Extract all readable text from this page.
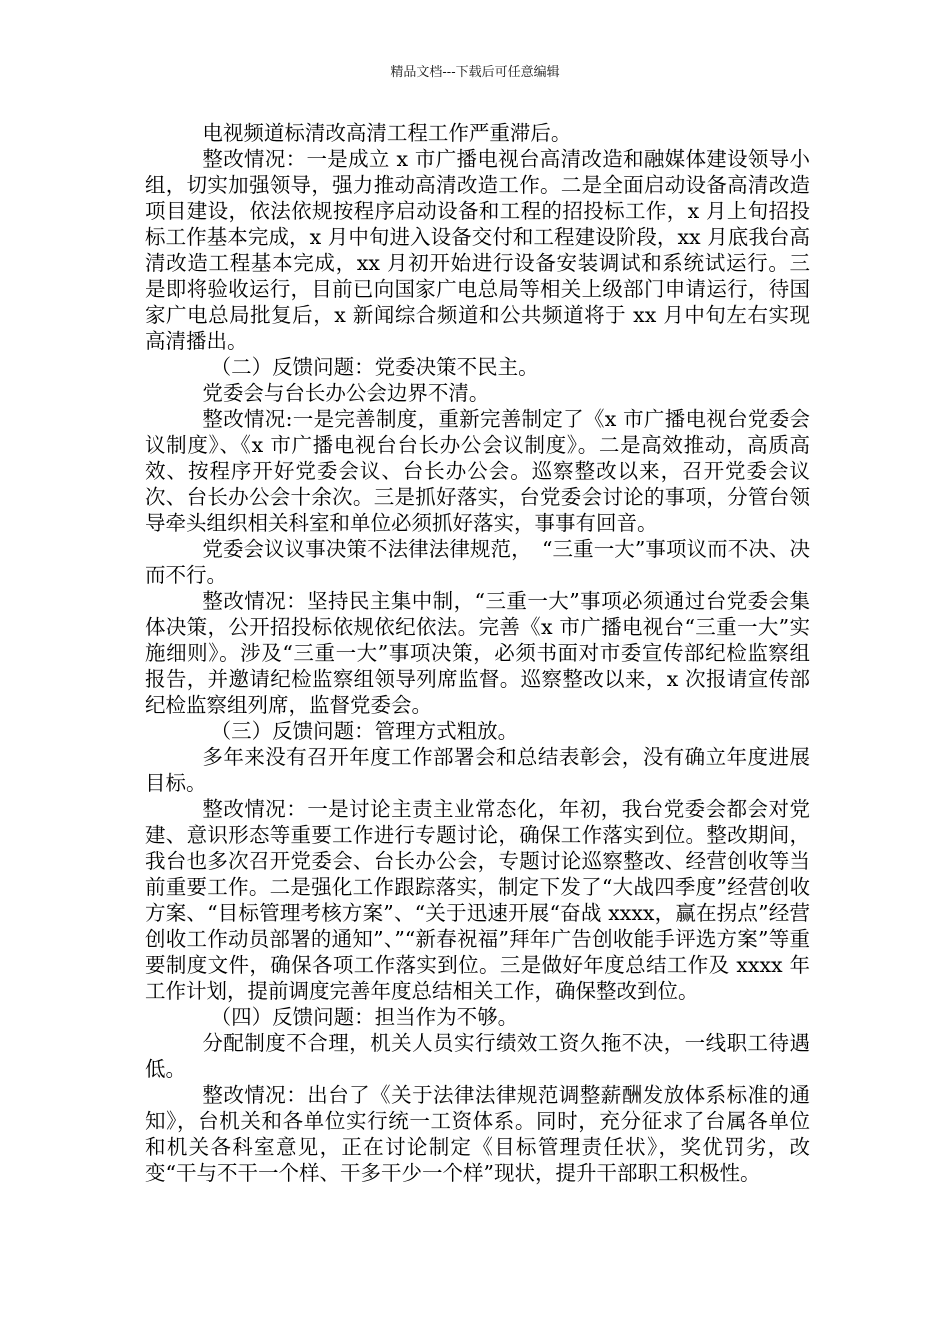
精品文档---下载后可任意编辑

电视频道标清改高清工程工作严重滞后。

整改情况：一是成立 x 市广播电视台高清改造和融媒体建设领导小组，切实加强领导，强力推动高清改造工作。二是全面启动设备高清改造项目建设，依法依规按程序启动设备和工程的招投标工作，x 月上旬招投标工作基本完成，x 月中旬进入设备交付和工程建设阶段，xx 月底我台高清改造工程基本完成，xx 月初开始进行设备安装调试和系统试运行。三是即将验收运行，目前已向国家广电总局等相关上级部门申请运行，待国家广电总局批复后，x 新闻综合频道和公共频道将于 xx 月中旬左右实现高清播出。

（二）反馈问题：党委决策不民主。

党委会与台长办公会边界不清。

整改情况:一是完善制度，重新完善制定了《x 市广播电视台党委会议制度》、《x 市广播电视台台长办公会议制度》。二是高效推动，高质高效、按程序开好党委会议、台长办公会。巡察整改以来，召开党委会议次、台长办公会十余次。三是抓好落实，台党委会讨论的事项，分管台领导牵头组织相关科室和单位必须抓好落实，事事有回音。

党委会议议事决策不法律法律规范，　“三重一大”事项议而不决、决而不行。

整改情况：坚持民主集中制，“三重一大”事项必须通过台党委会集体决策，公开招投标依规依纪依法。完善《x 市广播电视台“三重一大”实施细则》。涉及“三重一大”事项决策，必须书面对市委宣传部纪检监察组报告，并邀请纪检监察组领导列席监督。巡察整改以来，x 次报请宣传部纪检监察组列席，监督党委会。

（三）反馈问题：管理方式粗放。

多年来没有召开年度工作部署会和总结表彰会，没有确立年度进展目标。

整改情况：一是讨论主责主业常态化，年初，我台党委会都会对党建、意识形态等重要工作进行专题讨论，确保工作落实到位。整改期间，我台也多次召开党委会、台长办公会，专题讨论巡察整改、经营创收等当前重要工作。二是强化工作跟踪落实，制定下发了“大战四季度”经营创收方案、“目标管理考核方案”、“关于迅速开展“奋战 xxxx，赢在拐点”经营创收工作动员部署的通知”、”“新春祝福”拜年广告创收能手评选方案”等重要制度文件，确保各项工作落实到位。三是做好年度总结工作及 xxxx 年工作计划，提前调度完善年度总结相关工作，确保整改到位。

（四）反馈问题：担当作为不够。

分配制度不合理，机关人员实行绩效工资久拖不决，一线职工待遇低。

整改情况：出台了《关于法律法律规范调整薪酬发放体系标准的通知》，台机关和各单位实行统一工资体系。同时，充分征求了台属各单位和机关各科室意见，正在讨论制定《目标管理责任状》，奖优罚劣，改变“干与不干一个样、干多干少一个样”现状，提升干部职工积极性。
